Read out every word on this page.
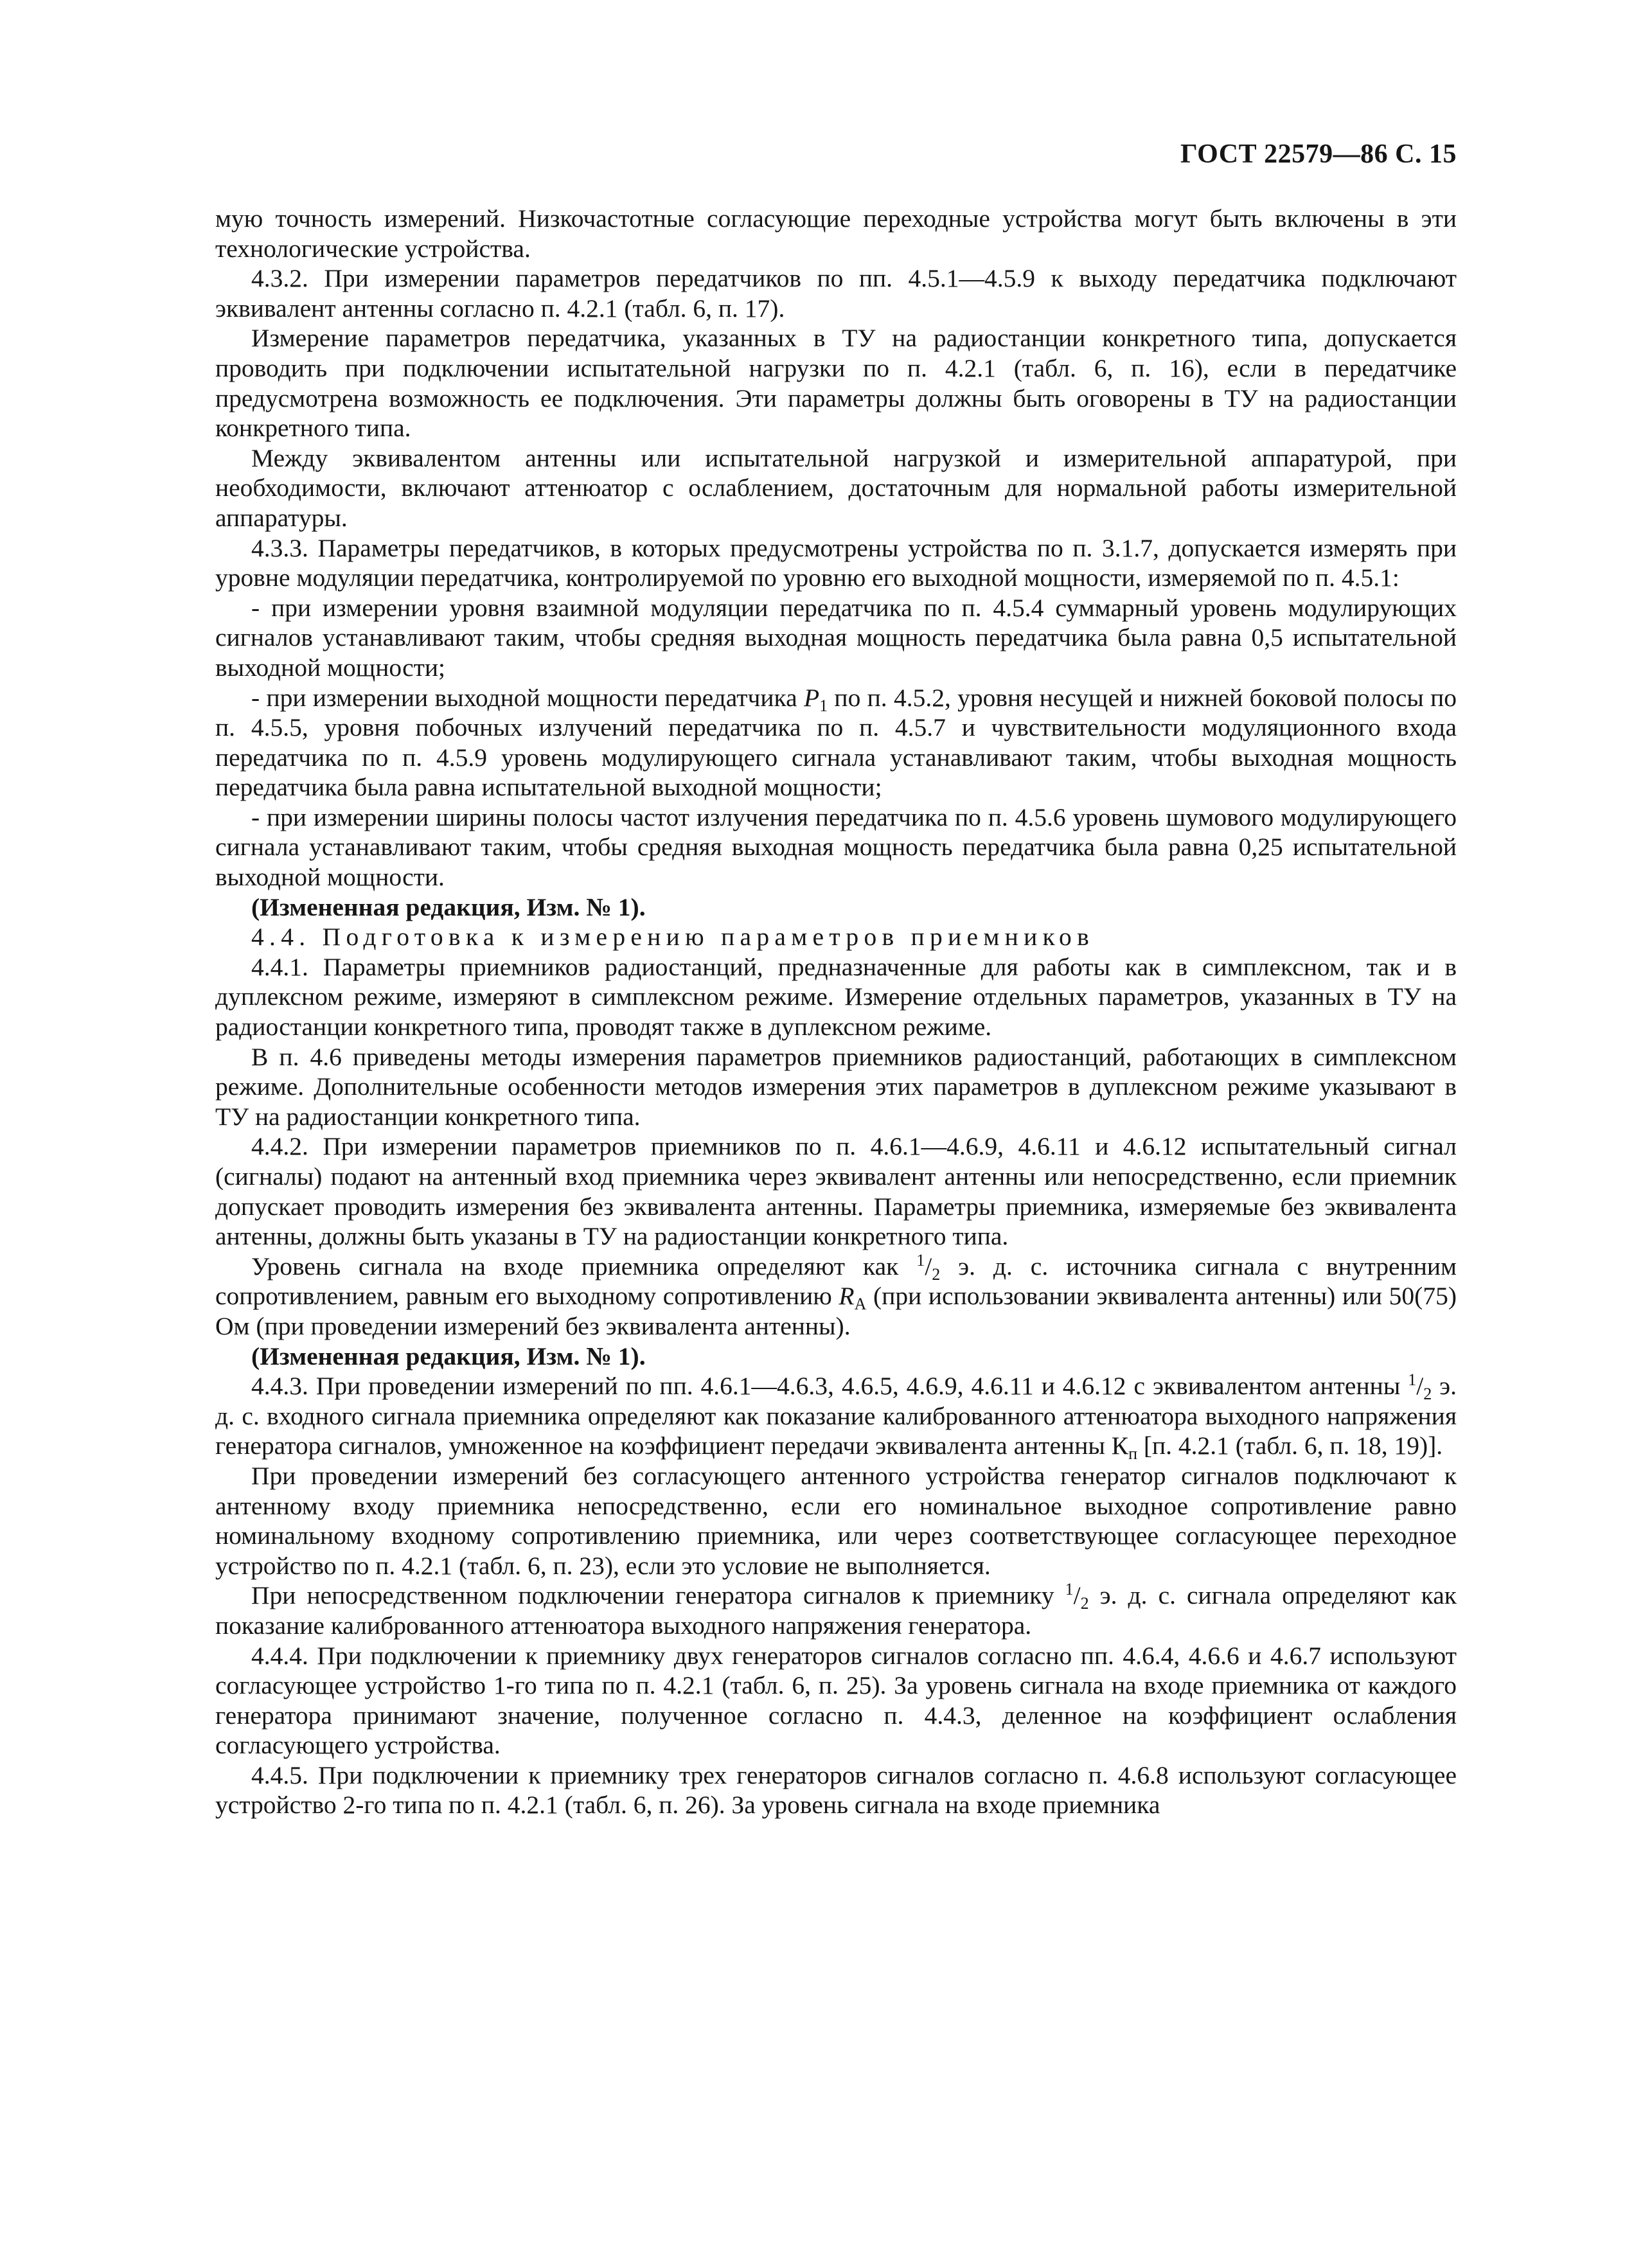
ГОСТ 22579—86 С. 15

мую точность измерений. Низкочастотные согласующие переходные устройства могут быть включены в эти технологические устройства.

4.3.2. При измерении параметров передатчиков по пп. 4.5.1—4.5.9 к выходу передатчика подключают эквивалент антенны согласно п. 4.2.1 (табл. 6, п. 17).

Измерение параметров передатчика, указанных в ТУ на радиостанции конкретного типа, допускается проводить при подключении испытательной нагрузки по п. 4.2.1 (табл. 6, п. 16), если в передатчике предусмотрена возможность ее подключения. Эти параметры должны быть оговорены в ТУ на радиостанции конкретного типа.

Между эквивалентом антенны или испытательной нагрузкой и измерительной аппаратурой, при необходимости, включают аттенюатор с ослаблением, достаточным для нормальной работы измерительной аппаратуры.

4.3.3. Параметры передатчиков, в которых предусмотрены устройства по п. 3.1.7, допускается измерять при уровне модуляции передатчика, контролируемой по уровню его выходной мощности, измеряемой по п. 4.5.1:

- при измерении уровня взаимной модуляции передатчика по п. 4.5.4 суммарный уровень модулирующих сигналов устанавливают таким, чтобы средняя выходная мощность передатчика была равна 0,5 испытательной выходной мощности;

- при измерении выходной мощности передатчика $P_1$ по п. 4.5.2, уровня несущей и нижней боковой полосы по п. 4.5.5, уровня побочных излучений передатчика по п. 4.5.7 и чувствительности модуляционного входа передатчика по п. 4.5.9 уровень модулирующего сигнала устанавливают таким, чтобы выходная мощность передатчика была равна испытательной выходной мощности;

- при измерении ширины полосы частот излучения передатчика по п. 4.5.6 уровень шумового модулирующего сигнала устанавливают таким, чтобы средняя выходная мощность передатчика была равна 0,25 испытательной выходной мощности.

(Измененная редакция, Изм. № 1).

4.4. Подготовка к измерению параметров приемников

4.4.1. Параметры приемников радиостанций, предназначенные для работы как в симплексном, так и в дуплексном режиме, измеряют в симплексном режиме. Измерение отдельных параметров, указанных в ТУ на радиостанции конкретного типа, проводят также в дуплексном режиме.

В п. 4.6 приведены методы измерения параметров приемников радиостанций, работающих в симплексном режиме. Дополнительные особенности методов измерения этих параметров в дуплексном режиме указывают в ТУ на радиостанции конкретного типа.

4.4.2. При измерении параметров приемников по п. 4.6.1—4.6.9, 4.6.11 и 4.6.12 испытательный сигнал (сигналы) подают на антенный вход приемника через эквивалент антенны или непосредственно, если приемник допускает проводить измерения без эквивалента антенны. Параметры приемника, измеряемые без эквивалента антенны, должны быть указаны в ТУ на радиостанции конкретного типа.

Уровень сигнала на входе приемника определяют как $^1/_2$ э. д. с. источника сигнала с внутренним сопротивлением, равным его выходному сопротивлению $R_A$ (при использовании эквивалента антенны) или 50(75) Ом (при проведении измерений без эквивалента антенны).

(Измененная редакция, Изм. № 1).

4.4.3. При проведении измерений по пп. 4.6.1—4.6.3, 4.6.5, 4.6.9, 4.6.11 и 4.6.12 с эквивалентом антенны $^1/_2$ э. д. с. входного сигнала приемника определяют как показание калиброванного аттенюатора выходного напряжения генератора сигналов, умноженное на коэффициент передачи эквивалента антенны $К_п$ [п. 4.2.1 (табл. 6, п. 18, 19)].

При проведении измерений без согласующего антенного устройства генератор сигналов подключают к антенному входу приемника непосредственно, если его номинальное выходное сопротивление равно номинальному входному сопротивлению приемника, или через соответствующее согласующее переходное устройство по п. 4.2.1 (табл. 6, п. 23), если это условие не выполняется.

При непосредственном подключении генератора сигналов к приемнику $^1/_2$ э. д. с. сигнала определяют как показание калиброванного аттенюатора выходного напряжения генератора.

4.4.4. При подключении к приемнику двух генераторов сигналов согласно пп. 4.6.4, 4.6.6 и 4.6.7 используют согласующее устройство 1-го типа по п. 4.2.1 (табл. 6, п. 25). За уровень сигнала на входе приемника от каждого генератора принимают значение, полученное согласно п. 4.4.3, деленное на коэффициент ослабления согласующего устройства.

4.4.5. При подключении к приемнику трех генераторов сигналов согласно п. 4.6.8 используют согласующее устройство 2-го типа по п. 4.2.1 (табл. 6, п. 26). За уровень сигнала на входе приемника
